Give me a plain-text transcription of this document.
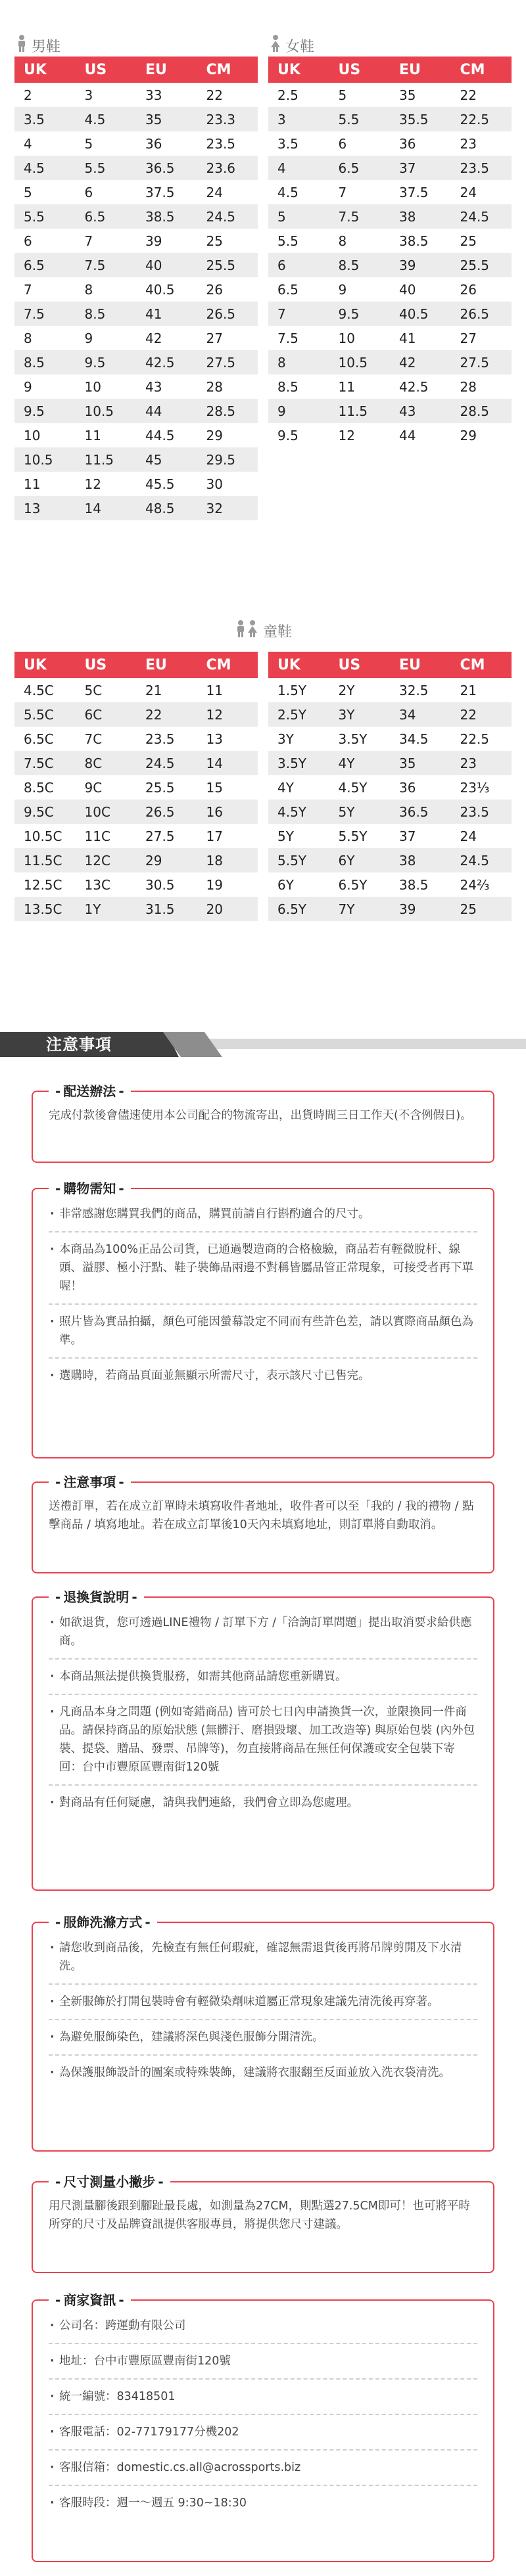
男鞋
UK	US	EU	CM
2	3	33	22
3.5	4.5	35	23.3
4	5	36	23.5
4.5	5.5	36.5	23.6
5	6	37.5	24
5.5	6.5	38.5	24.5
6	7	39	25
6.5	7.5	40	25.5
7	8	40.5	26
7.5	8.5	41	26.5
8	9	42	27
8.5	9.5	42.5	27.5
9	10	43	28
9.5	10.5	44	28.5
10	11	44.5	29
10.5	11.5	45	29.5
11	12	45.5	30
13	14	48.5	32
女鞋
UK	US	EU	CM
2.5	5	35	22
3	5.5	35.5	22.5
3.5	6	36	23
4	6.5	37	23.5
4.5	7	37.5	24
5	7.5	38	24.5
5.5	8	38.5	25
6	8.5	39	25.5
6.5	9	40	26
7	9.5	40.5	26.5
7.5	10	41	27
8	10.5	42	27.5
8.5	11	42.5	28
9	11.5	43	28.5
9.5	12	44	29
童鞋
UK	US	EU	CM
4.5C	5C	21	11
5.5C	6C	22	12
6.5C	7C	23.5	13
7.5C	8C	24.5	14
8.5C	9C	25.5	15
9.5C	10C	26.5	16
10.5C	11C	27.5	17
11.5C	12C	29	18
12.5C	13C	30.5	19
13.5C	1Y	31.5	20

UK	US	EU	CM
1.5Y	2Y	32.5	21
2.5Y	3Y	34	22
3Y	3.5Y	34.5	22.5
3.5Y	4Y	35	23
4Y	4.5Y	36	23⅓
4.5Y	5Y	36.5	23.5
5Y	5.5Y	37	24
5.5Y	6Y	38	24.5
6Y	6.5Y	38.5	24⅔
6.5Y	7Y	39	25

注意事項
- 配送辦法 -

完成付款後會儘速使用本公司配合的物流寄出，出貨時間三日工作天(不含例假日)。

- 購物需知 -
· 非常感謝您購買我們的商品，購買前請自行斟酌適合的尺寸。
· 本商品為100%正品公司貨，已通過製造商的合格檢驗，商品若有輕微脫杆、線頭、溢膠、極小汙點、鞋子裝飾品兩邊不對稱皆屬品管正常現象，可接受者再下單喔！
· 照片皆為實品拍攝，顏色可能因螢幕設定不同而有些許色差，請以實際商品顏色為準。
· 選購時，若商品頁面並無顯示所需尺寸，表示該尺寸已售完。
- 注意事項 -

送禮訂單，若在成立訂單時未填寫收件者地址，收件者可以至「我的 / 我的禮物 / 點擊商品 / 填寫地址。若在成立訂單後10天內未填寫地址，則訂單將自動取消。

- 退換貨說明 -
· 如欲退貨，您可透過LINE禮物 / 訂單下方 /「洽詢訂單問題」提出取消要求給供應商。
· 本商品無法提供換貨服務，如需其他商品請您重新購買。
· 凡商品本身之問題 (例如寄錯商品) 皆可於七日內申請換貨一次，並限換同一件商品。請保持商品的原始狀態 (無髒汙、磨損毀壞、加工改造等) 與原始包裝 (內外包裝、提袋、贈品、發票、吊牌等)，勿直接將商品在無任何保護或安全包裝下寄回：台中市豐原區豐南街120號
· 對商品有任何疑慮，請與我們連絡，我們會立即為您處理。
- 服飾洗滌方式 -
· 請您收到商品後，先檢查有無任何瑕疵，確認無需退貨後再將吊牌剪開及下水清洗。
· 全新服飾於打開包裝時會有輕微染劑味道屬正常現象建議先清洗後再穿著。
· 為避免服飾染色，建議將深色與淺色服飾分開清洗。
· 為保護服飾設計的圖案或特殊裝飾，建議將衣服翻至反面並放入洗衣袋清洗。
- 尺寸測量小撇步 -

用尺測量腳後跟到腳趾最長處，如測量為27CM，則點選27.5CM即可！也可將平時所穿的尺寸及品牌資訊提供客服專員，將提供您尺寸建議。

- 商家資訊 -
· 公司名：跨運動有限公司
· 地址：台中市豐原區豐南街120號
· 統一編號：83418501
· 客服電話：02-77179177分機202
· 客服信箱：domestic.cs.all@acrossports.biz
· 客服時段：週一～週五 9:30~18:30
